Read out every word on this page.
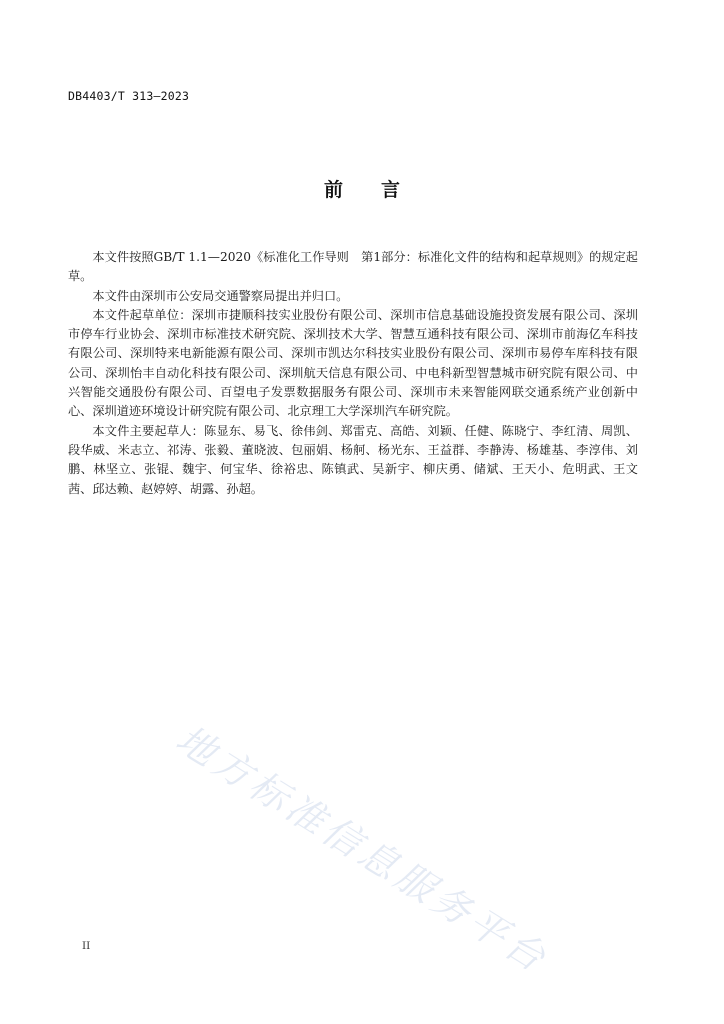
DB4403/T 313—2023
前 言

本文件按照GB/T 1.1—2020《标准化工作导则　第1部分：标准化文件的结构和起草规则》的规定起草。

本文件由深圳市公安局交通警察局提出并归口。

本文件起草单位：深圳市捷顺科技实业股份有限公司、深圳市信息基础设施投资发展有限公司、深圳市停车行业协会、深圳市标准技术研究院、深圳技术大学、智慧互通科技有限公司、深圳市前海亿车科技有限公司、深圳特来电新能源有限公司、深圳市凯达尔科技实业股份有限公司、深圳市易停车库科技有限公司、深圳怡丰自动化科技有限公司、深圳航天信息有限公司、中电科新型智慧城市研究院有限公司、中兴智能交通股份有限公司、百望电子发票数据服务有限公司、深圳市未来智能网联交通系统产业创新中心、深圳道迹环境设计研究院有限公司、北京理工大学深圳汽车研究院。

本文件主要起草人：陈显东、易飞、徐伟剑、郑雷克、高皓、刘颖、任健、陈晓宁、李红清、周凯、段华威、米志立、祁涛、张毅、董晓波、包丽娟、杨舸、杨光东、王益群、李静涛、杨雄基、李淳伟、刘鹏、林坚立、张锟、魏宇、何宝华、徐裕忠、陈镇武、吴新宇、柳庆勇、储斌、王天小、危明武、王文茜、邱达赖、赵婷婷、胡露、孙超。

地方标准信息服务平台
II
